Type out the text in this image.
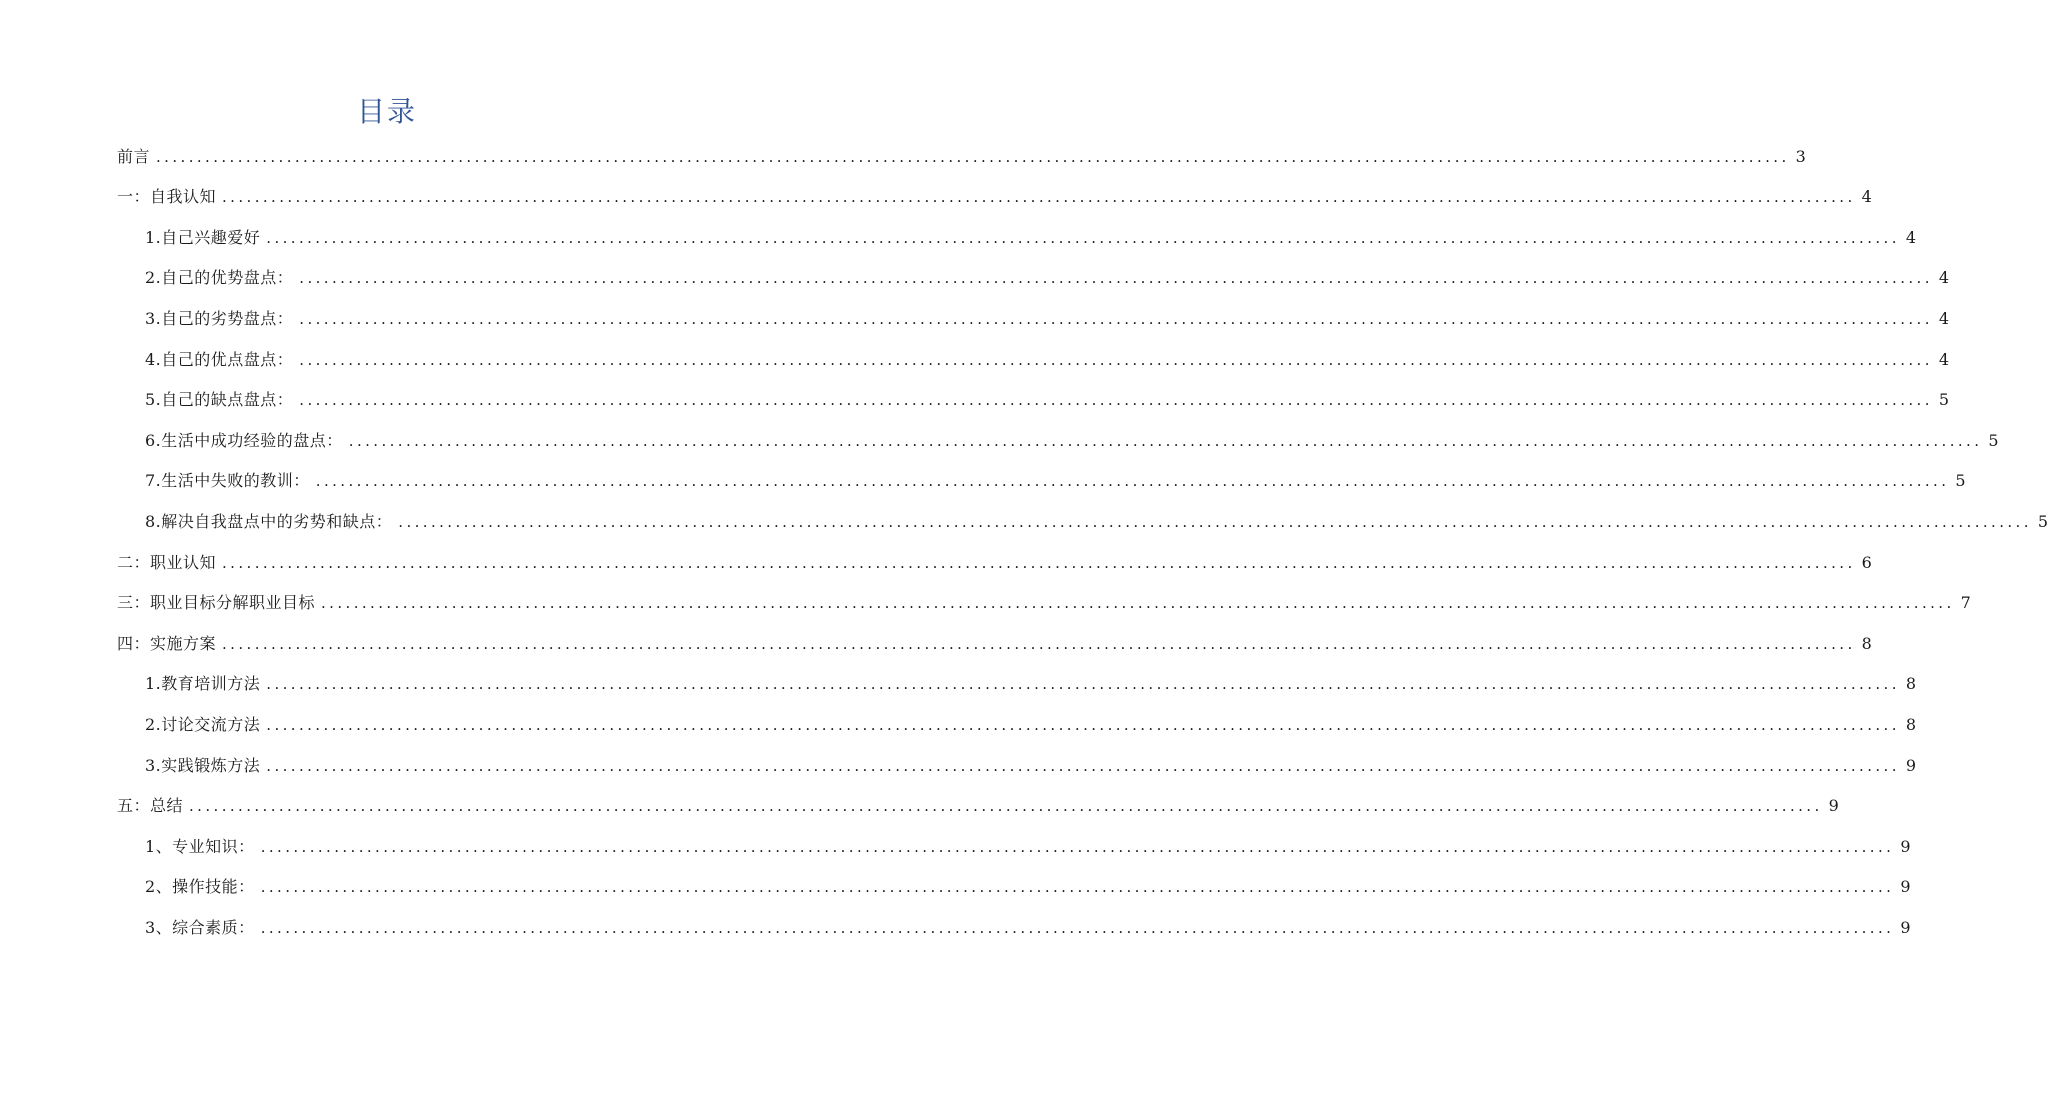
目录
前言 ........................................................................................................................................................................................................ 3
一：自我认知 ........................................................................................................................................................................................................ 4
1.自己兴趣爱好 ........................................................................................................................................................................................................ 4
2.自己的优势盘点： ........................................................................................................................................................................................................ 4
3.自己的劣势盘点： ........................................................................................................................................................................................................ 4
4.自己的优点盘点： ........................................................................................................................................................................................................ 4
5.自己的缺点盘点： ........................................................................................................................................................................................................ 5
6.生活中成功经验的盘点： ........................................................................................................................................................................................................ 5
7.生活中失败的教训： ........................................................................................................................................................................................................ 5
8.解决自我盘点中的劣势和缺点： ........................................................................................................................................................................................................ 5
二：职业认知 ........................................................................................................................................................................................................ 6
三：职业目标分解职业目标 ........................................................................................................................................................................................................ 7
四：实施方案 ........................................................................................................................................................................................................ 8
1.教育培训方法 ........................................................................................................................................................................................................ 8
2.讨论交流方法 ........................................................................................................................................................................................................ 8
3.实践锻炼方法 ........................................................................................................................................................................................................ 9
五：总结 ........................................................................................................................................................................................................ 9
1、专业知识： ........................................................................................................................................................................................................ 9
2、操作技能： ........................................................................................................................................................................................................ 9
3、综合素质： ........................................................................................................................................................................................................ 9
